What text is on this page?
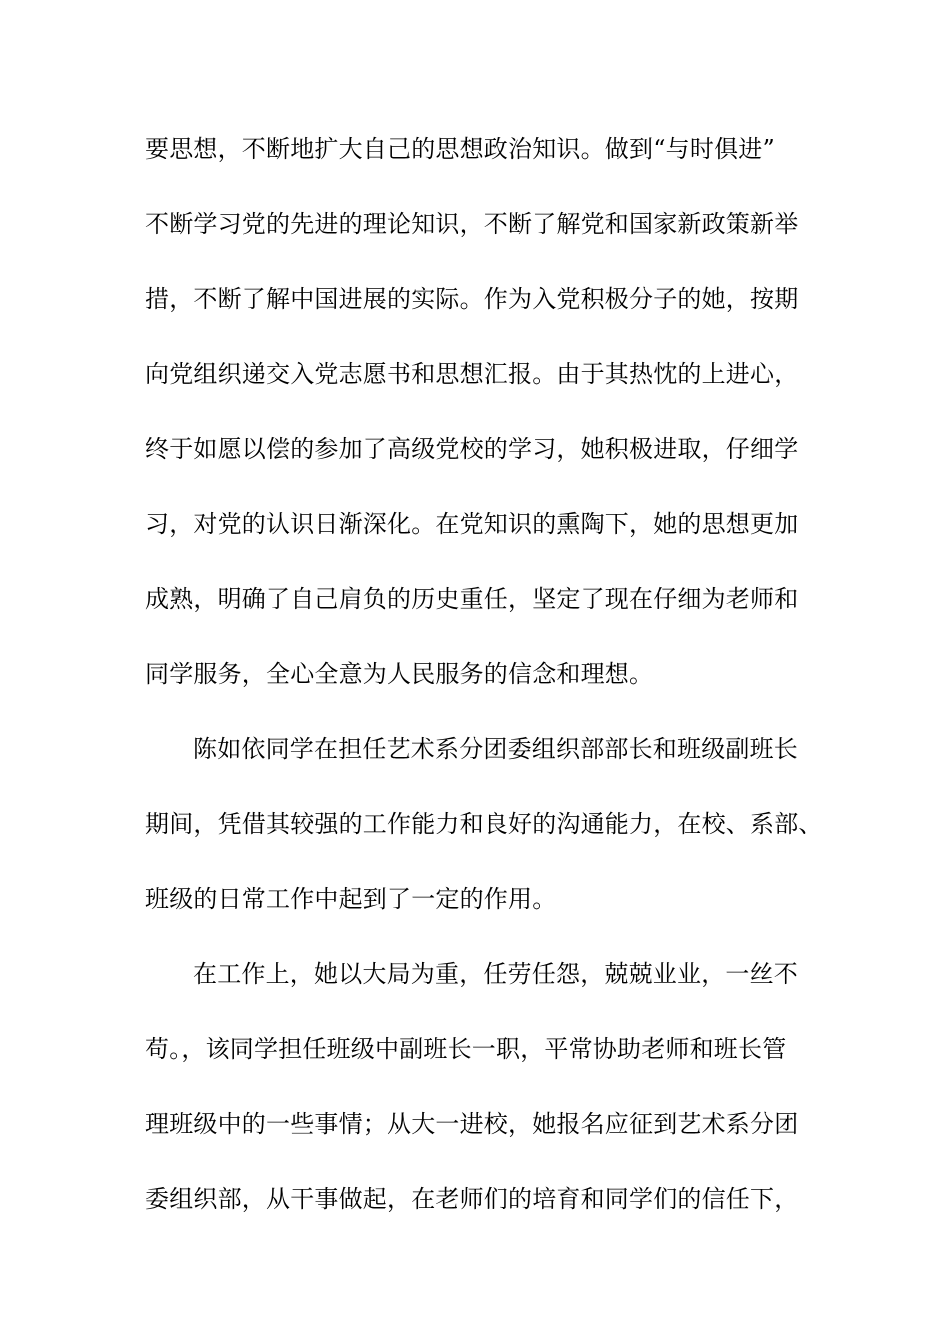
要思想，不断地扩大自己的思想政治知识。做到“与时俱进”
不断学习党的先进的理论知识，不断了解党和国家新政策新举
措，不断了解中国进展的实际。作为入党积极分子的她，按期
向党组织递交入党志愿书和思想汇报。由于其热忱的上进心，
终于如愿以偿的参加了高级党校的学习，她积极进取，仔细学
习，对党的认识日渐深化。在党知识的熏陶下，她的思想更加
成熟，明确了自己肩负的历史重任，坚定了现在仔细为老师和
同学服务，全心全意为人民服务的信念和理想。
陈如依同学在担任艺术系分团委组织部部长和班级副班长
期间，凭借其较强的工作能力和良好的沟通能力，在校、系部、
班级的日常工作中起到了一定的作用。
在工作上，她以大局为重，任劳任怨，兢兢业业，一丝不
苟。，该同学担任班级中副班长一职，平常协助老师和班长管
理班级中的一些事情；从大一进校，她报名应征到艺术系分团
委组织部，从干事做起，在老师们的培育和同学们的信任下，
